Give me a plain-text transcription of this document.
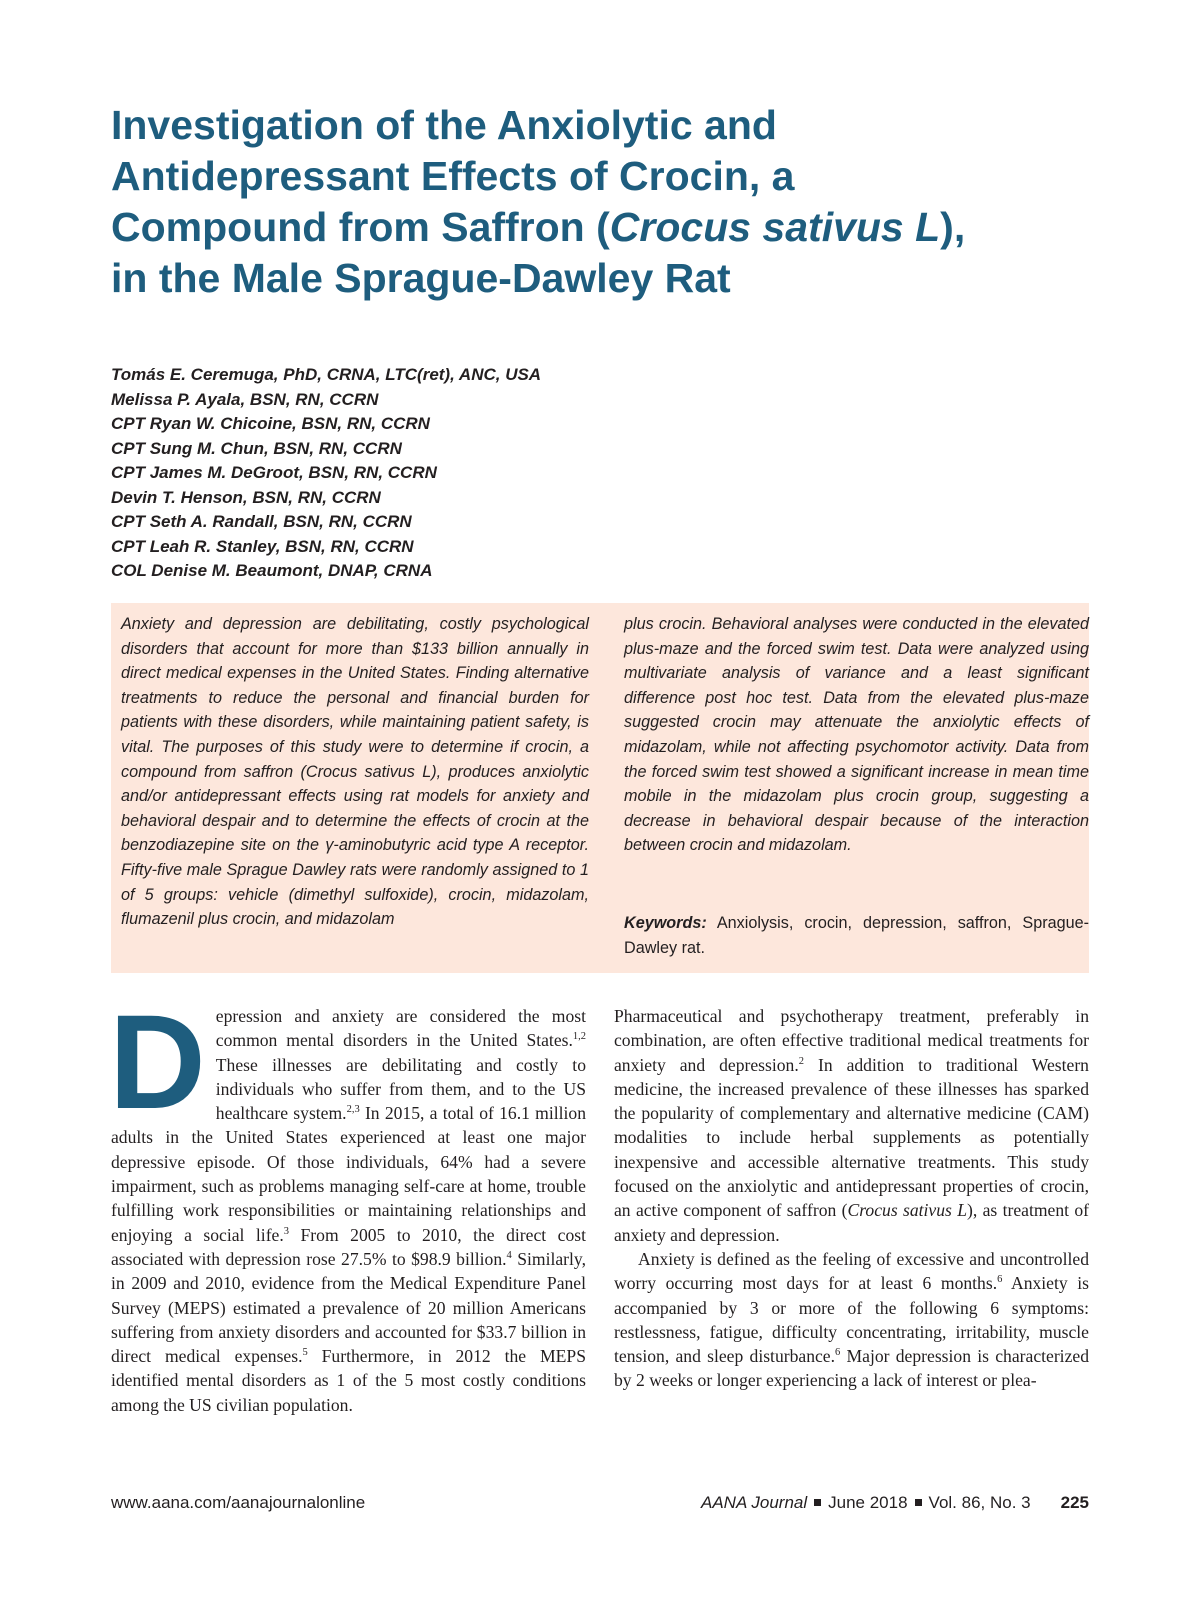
Investigation of the Anxiolytic and
Antidepressant Effects of Crocin, a
Compound from Saffron (Crocus sativus L),
in the Male Sprague-Dawley Rat
Tomás E. Ceremuga, PhD, CRNA, LTC(ret), ANC, USA
Melissa P. Ayala, BSN, RN, CCRN
CPT Ryan W. Chicoine, BSN, RN, CCRN
CPT Sung M. Chun, BSN, RN, CCRN
CPT James M. DeGroot, BSN, RN, CCRN
Devin T. Henson, BSN, RN, CCRN
CPT Seth A. Randall, BSN, RN, CCRN
CPT Leah R. Stanley, BSN, RN, CCRN
COL Denise M. Beaumont, DNAP, CRNA

Anxiety and depression are debilitating, costly psychological disorders that account for more than $133 billion annually in direct medical expenses in the United States. Finding alternative treatments to reduce the personal and financial burden for patients with these disorders, while maintaining patient safety, is vital. The purposes of this study were to determine if crocin, a compound from saffron (Crocus sativus L), produces anxiolytic and/or antidepressant effects using rat models for anxiety and behavioral despair and to determine the effects of crocin at the benzodiazepine site on the γ-aminobutyric acid type A receptor. Fifty-five male Sprague Dawley rats were randomly assigned to 1 of 5 groups: vehicle (dimethyl sulfoxide), crocin, midazolam, flumazenil plus crocin, and midazolam

plus crocin. Behavioral analyses were conducted in the elevated plus-maze and the forced swim test. Data were analyzed using multivariate analysis of variance and a least significant difference post hoc test. Data from the elevated plus-maze suggested crocin may attenuate the anxiolytic effects of midazolam, while not affecting psychomotor activity. Data from the forced swim test showed a significant increase in mean time mobile in the midazolam plus crocin group, suggesting a decrease in behavioral despair because of the interaction between crocin and midazolam.

Keywords: Anxiolysis, crocin, depression, saffron, Sprague-Dawley rat.

Depression and anxiety are considered the most common mental disorders in the United States.$^{1,2}$ These illnesses are debilitating and costly to individuals who suffer from them, and to the US healthcare system.$^{2,3}$ In 2015, a total of 16.1 million adults in the United States experienced at least one major depressive episode. Of those individuals, 64% had a severe impairment, such as problems managing self-care at home, trouble fulfilling work responsibilities or maintaining relationships and enjoying a social life.$^3$ From 2005 to 2010, the direct cost associated with depression rose 27.5% to $98.9 billion.$^4$ Similarly, in 2009 and 2010, evidence from the Medical Expenditure Panel Survey (MEPS) estimated a prevalence of 20 million Americans suffering from anxiety disorders and accounted for $33.7 billion in direct medical expenses.$^5$ Furthermore, in 2012 the MEPS identified mental disorders as 1 of the 5 most costly conditions among the US civilian population.

Pharmaceutical and psychotherapy treatment, preferably in combination, are often effective traditional medical treatments for anxiety and depression.$^2$ In addition to traditional Western medicine, the increased prevalence of these illnesses has sparked the popularity of complementary and alternative medicine (CAM) modalities to include herbal supplements as potentially inexpensive and accessible alternative treatments. This study focused on the anxiolytic and antidepressant properties of crocin, an active component of saffron (Crocus sativus L), as treatment of anxiety and depression.

Anxiety is defined as the feeling of excessive and uncontrolled worry occurring most days for at least 6 months.$^6$ Anxiety is accompanied by 3 or more of the following 6 symptoms: restlessness, fatigue, difficulty concentrating, irritability, muscle tension, and sleep disturbance.$^6$ Major depression is characterized by 2 weeks or longer experiencing a lack of interest or plea-

www.aana.com/aanajournalonline	AANA Journal June 2018 Vol. 86, No. 3 225
